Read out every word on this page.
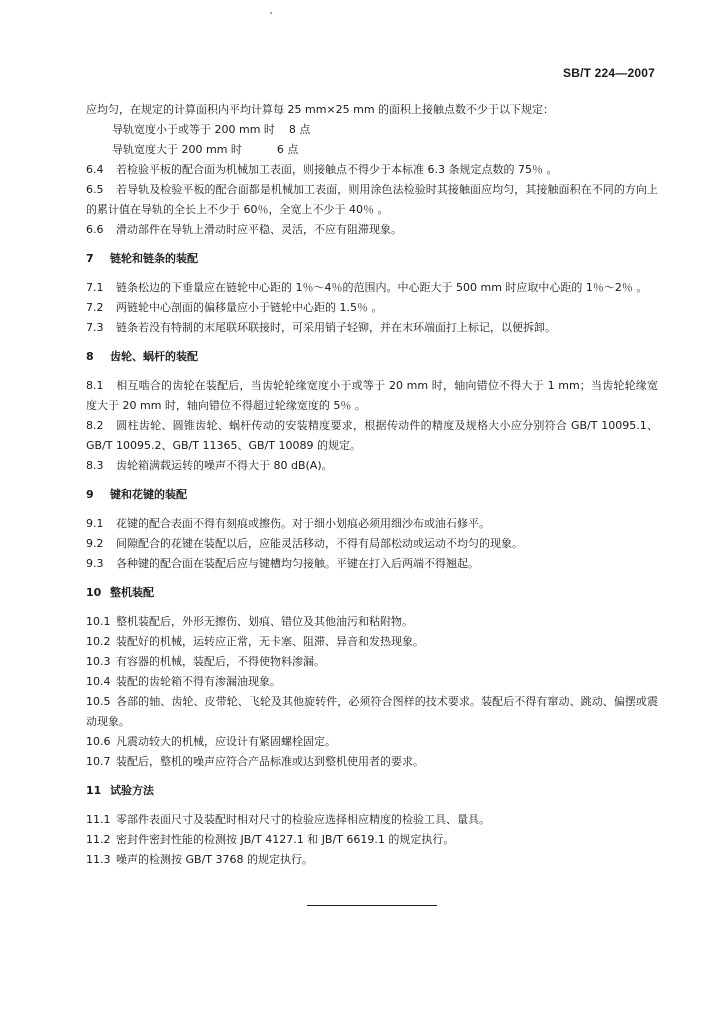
SB/T 224—2007

应均匀，在规定的计算面积内平均计算每 25 mm×25 mm 的面积上接触点数不少于以下规定：

导轨宽度小于或等于 200 mm 时    8 点
导轨宽度大于 200 mm 时          6 点

6.4 若检验平板的配合面为机械加工表面，则接触点不得少于本标准 6.3 条规定点数的 75％ 。

6.5 若导轨及检验平板的配合面都是机械加工表面，则用涂色法检验时其接触面应均匀，其接触面积在不同的方向上的累计值在导轨的全长上不少于 60％，全宽上不少于 40％ 。

6.6 滑动部件在导轨上滑动时应平稳、灵活，不应有阻滞现象。

7 链轮和链条的装配

7.1 链条松边的下垂量应在链轮中心距的 1％～4％的范围内。中心距大于 500 mm 时应取中心距的 1％～2％ 。

7.2 两链轮中心剖面的偏移量应小于链轮中心距的 1.5％ 。

7.3 链条若没有特制的末尾联环联接时，可采用销子轻铆，并在末环端面打上标记，以便拆卸。

8 齿轮、蜗杆的装配

8.1 相互啮合的齿轮在装配后，当齿轮轮缘宽度小于或等于 20 mm 时，轴向错位不得大于 1 mm；当齿轮轮缘宽度大于 20 mm 时，轴向错位不得超过轮缘宽度的 5％ 。

8.2 圆柱齿轮、圆锥齿轮、蜗杆传动的安装精度要求，根据传动件的精度及规格大小应分别符合 GB/T 10095.1、GB/T 10095.2、GB/T 11365、GB/T 10089 的规定。

8.3 齿轮箱满载运转的噪声不得大于 80 dB(A)。

9 键和花键的装配

9.1 花键的配合表面不得有刻痕或擦伤。对于细小划痕必须用细沙布或油石修平。

9.2 间隙配合的花键在装配以后，应能灵活移动，不得有局部松动或运动不均匀的现象。

9.3 各种键的配合面在装配后应与键槽均匀接触。平键在打入后两端不得翘起。

10 整机装配

10.1 整机装配后，外形无擦伤、划痕、错位及其他油污和粘附物。

10.2 装配好的机械，运转应正常，无卡塞、阻滞、异音和发热现象。

10.3 有容器的机械，装配后，不得使物料渗漏。

10.4 装配的齿轮箱不得有渗漏油现象。

10.5 各部的轴、齿轮、皮带轮、飞轮及其他旋转件，必须符合图样的技术要求。装配后不得有窜动、跳动、偏摆或震动现象。

10.6 凡震动较大的机械，应设计有紧固螺栓固定。

10.7 装配后，整机的噪声应符合产品标准或达到整机使用者的要求。

11 试验方法

11.1 零部件表面尺寸及装配时相对尺寸的检验应选择相应精度的检验工具、量具。

11.2 密封件密封性能的检测按 JB/T 4127.1 和 JB/T 6619.1 的规定执行。

11.3 噪声的检测按 GB/T 3768 的规定执行。
